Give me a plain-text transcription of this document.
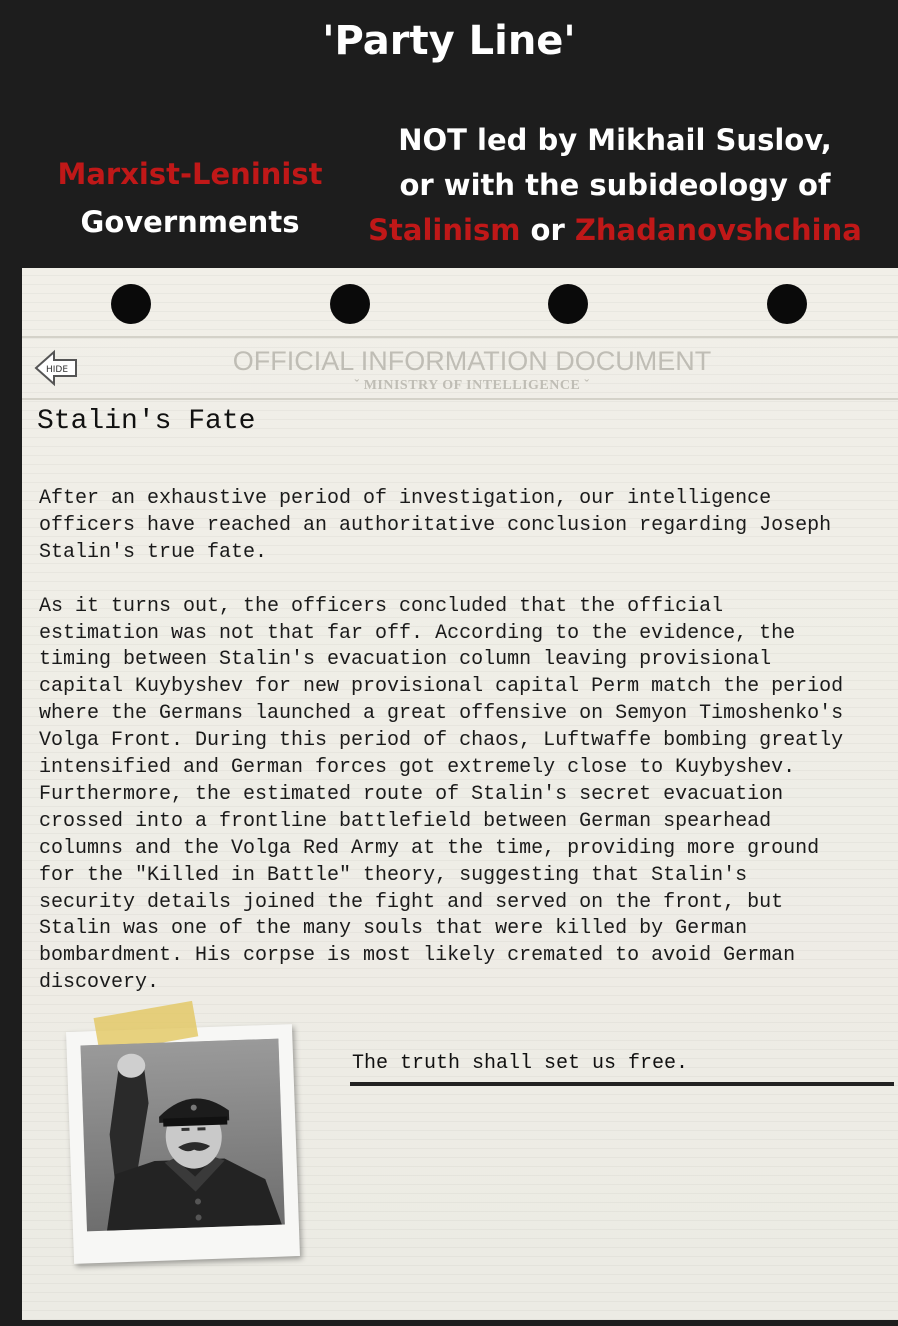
'Party Line'
Marxist-Leninist
Governments
NOT led by Mikhail Suslov,
or with the subideology of
Stalinism or Zhadanovshchina
HIDE	OFFICIAL INFORMATION DOCUMENT
ˇ MINISTRY OF INTELLIGENCE ˇ
Stalin's Fate

After an exhaustive period of investigation, our intelligence
officers have reached an authoritative conclusion regarding Joseph
Stalin's true fate.

As it turns out, the officers concluded that the official
estimation was not that far off. According to the evidence, the
timing between Stalin's evacuation column leaving provisional
capital Kuybyshev for new provisional capital Perm match the period
where the Germans launched a great offensive on Semyon Timoshenko's
Volga Front. During this period of chaos, Luftwaffe bombing greatly
intensified and German forces got extremely close to Kuybyshev.
Furthermore, the estimated route of Stalin's secret evacuation
crossed into a frontline battlefield between German spearhead
columns and the Volga Red Army at the time, providing more ground
for the "Killed in Battle" theory, suggesting that Stalin's
security details joined the fight and served on the front, but
Stalin was one of the many souls that were killed by German
bombardment. His corpse is most likely cremated to avoid German
discovery.

The truth shall set us free.
